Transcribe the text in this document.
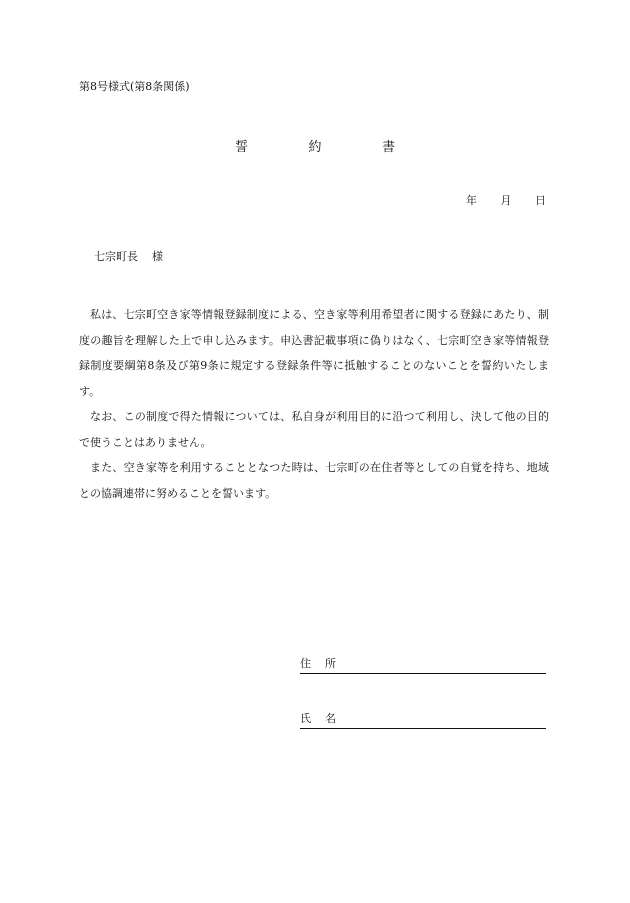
第8号様式(第8条関係)
誓	約	書
年 月 日
七宗町長 様

私は、七宗町空き家等情報登録制度による、空き家等利用希望者に関する登録にあたり、制度の趣旨を理解した上で申し込みます。申込書記載事項に偽りはなく、七宗町空き家等情報登録制度要綱第8条及び第9条に規定する登録条件等に抵触することのないことを誓約いたします。

なお、この制度で得た情報については、私自身が利用目的に沿つて利用し、決して他の目的で使うことはありません。

また、空き家等を利用することとなつた時は、七宗町の在住者等としての自覚を持ち、地域との協調連帯に努めることを誓います。

住 所
氏 名
